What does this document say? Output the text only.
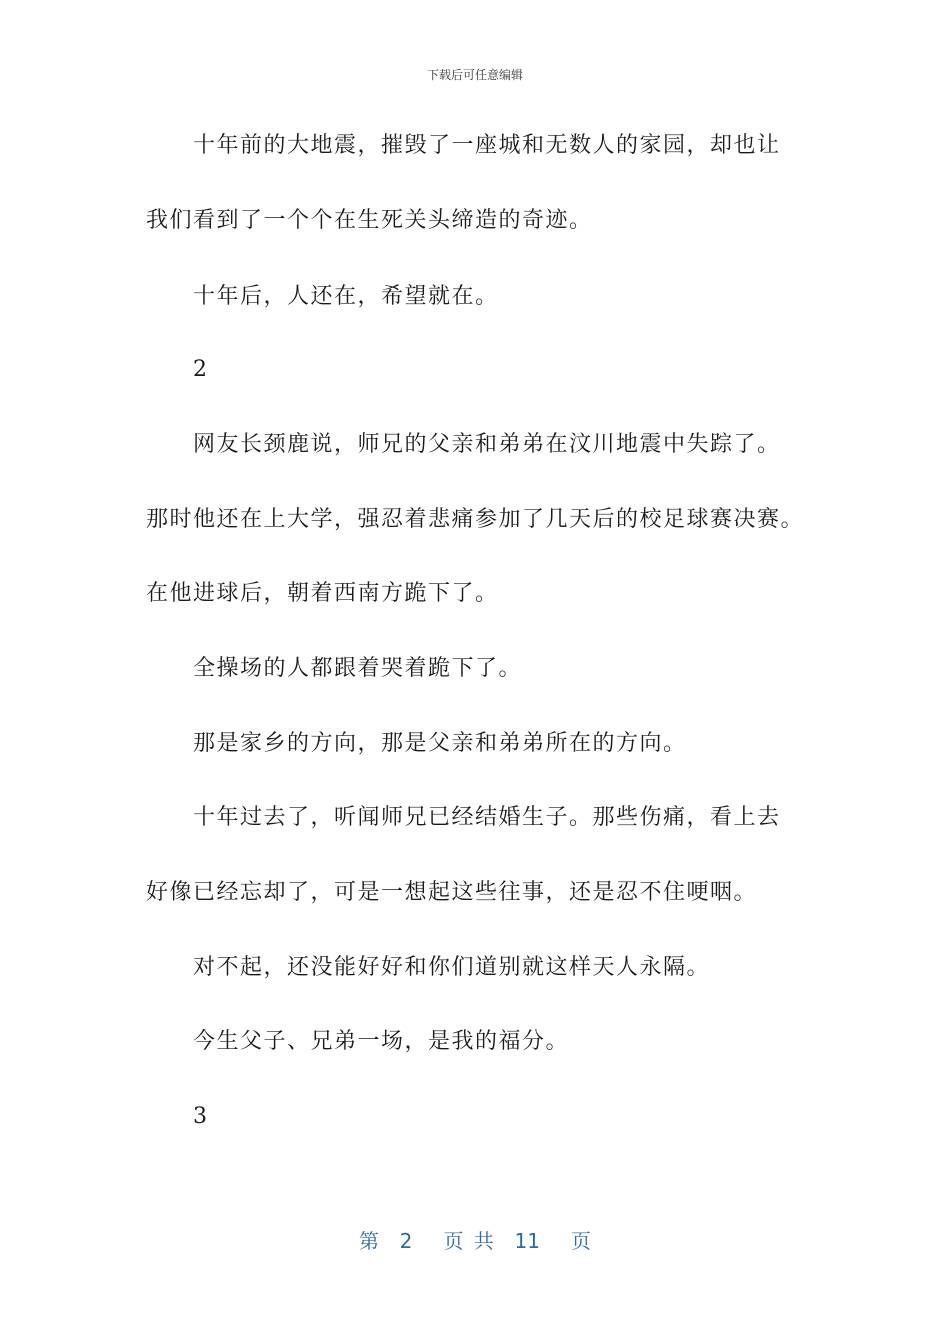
下载后可任意编辑
十年前的大地震，摧毁了一座城和无数人的家园，却也让
我们看到了一个个在生死关头缔造的奇迹。
十年后，人还在，希望就在。
2
网友长颈鹿说，师兄的父亲和弟弟在汶川地震中失踪了。
那时他还在上大学，强忍着悲痛参加了几天后的校足球赛决赛。
在他进球后，朝着西南方跪下了。
全操场的人都跟着哭着跪下了。
那是家乡的方向，那是父亲和弟弟所在的方向。
十年过去了，听闻师兄已经结婚生子。那些伤痛，看上去
好像已经忘却了，可是一想起这些往事，还是忍不住哽咽。
对不起，还没能好好和你们道别就这样天人永隔。
今生父子、兄弟一场，是我的福分。
3
第  2   页 共  11   页
